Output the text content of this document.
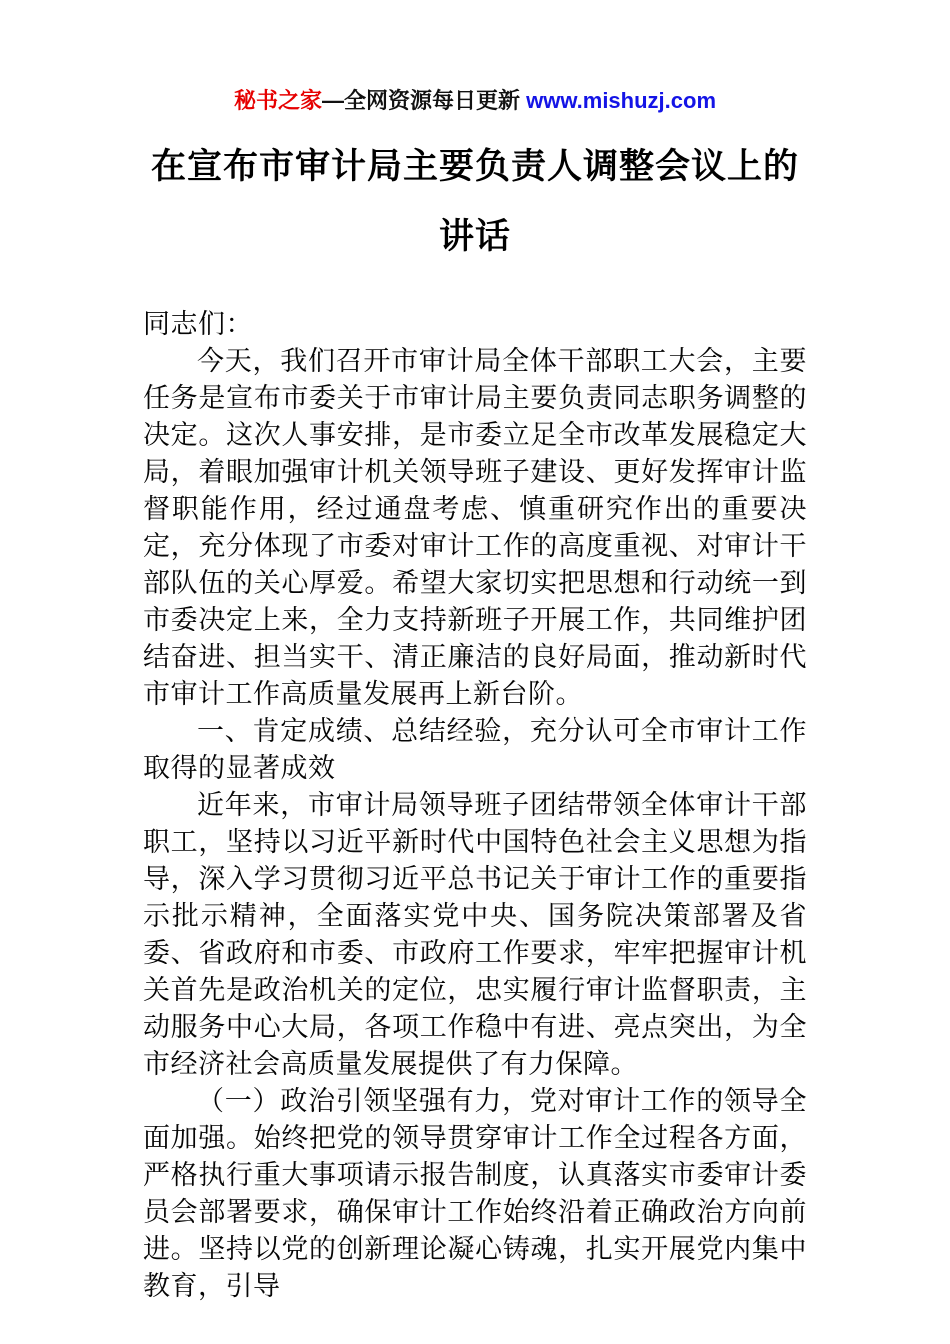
秘书之家—全网资源每日更新 www.mishuzj.com
在宣布市审计局主要负责人调整会议上的
讲话

同志们：

今天，我们召开市审计局全体干部职工大会，主要任务是宣布市委关于市审计局主要负责同志职务调整的决定。这次人事安排，是市委立足全市改革发展稳定大局，着眼加强审计机关领导班子建设、更好发挥审计监督职能作用，经过通盘考虑、慎重研究作出的重要决定，充分体现了市委对审计工作的高度重视、对审计干部队伍的关心厚爱。希望大家切实把思想和行动统一到市委决定上来，全力支持新班子开展工作，共同维护团结奋进、担当实干、清正廉洁的良好局面，推动新时代市审计工作高质量发展再上新台阶。

一、肯定成绩、总结经验，充分认可全市审计工作取得的显著成效

近年来，市审计局领导班子团结带领全体审计干部职工，坚持以习近平新时代中国特色社会主义思想为指导，深入学习贯彻习近平总书记关于审计工作的重要指示批示精神，全面落实党中央、国务院决策部署及省委、省政府和市委、市政府工作要求，牢牢把握审计机关首先是政治机关的定位，忠实履行审计监督职责，主动服务中心大局，各项工作稳中有进、亮点突出，为全市经济社会高质量发展提供了有力保障。

（一）政治引领坚强有力，党对审计工作的领导全面加强。始终把党的领导贯穿审计工作全过程各方面，严格执行重大事项请示报告制度，认真落实市委审计委员会部署要求，确保审计工作始终沿着正确政治方向前进。坚持以党的创新理论凝心铸魂，扎实开展党内集中教育，引导
